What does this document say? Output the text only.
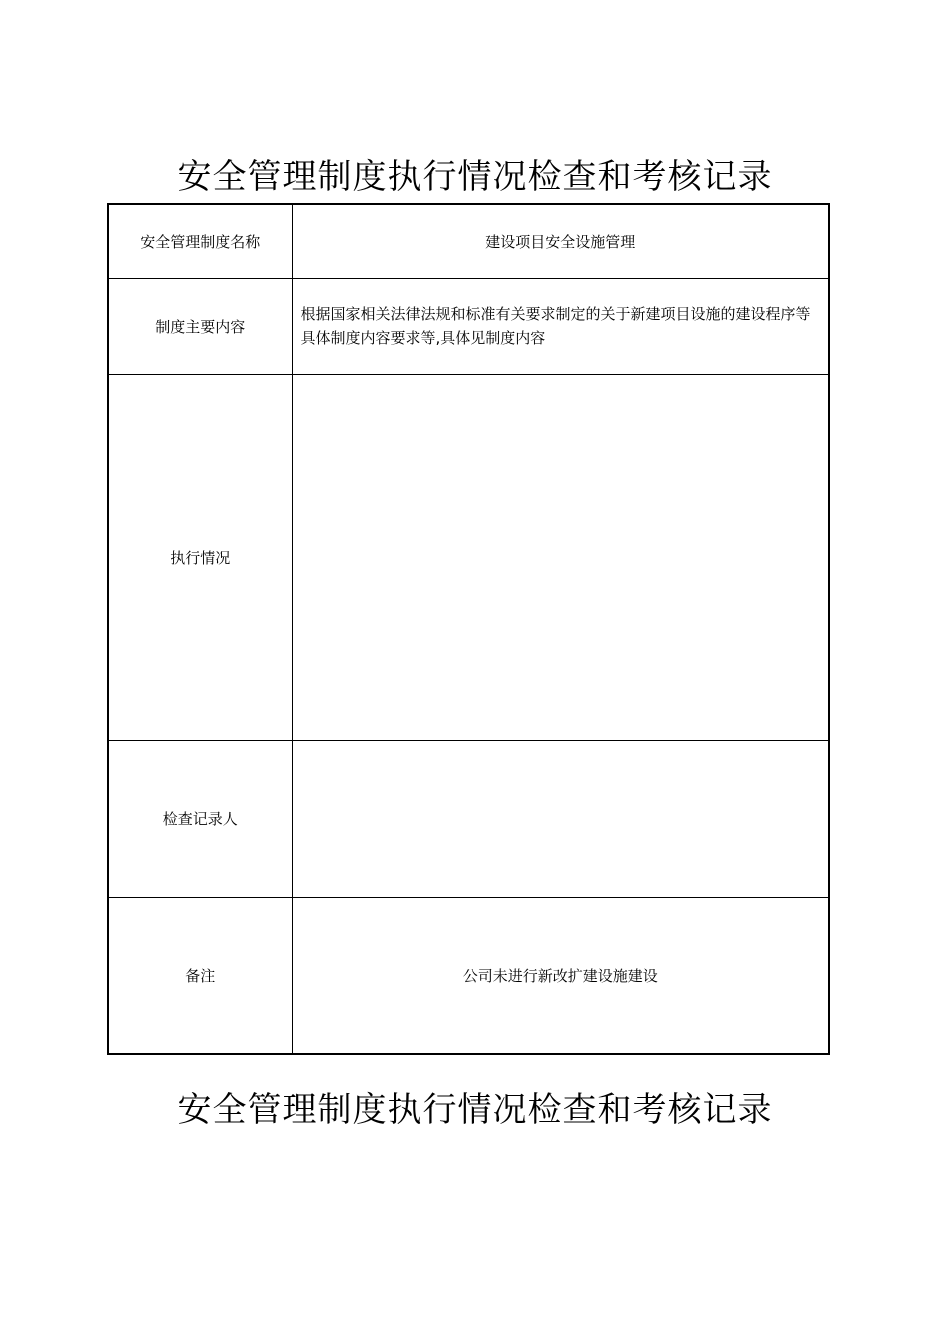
安全管理制度执行情况检查和考核记录
安全管理制度名称	建设项目安全设施管理
制度主要内容	根据国家相关法律法规和标准有关要求制定的关于新建项目设施的建设程序等具体制度内容要求等,具体见制度内容
执行情况	
检查记录人	
备注	公司未进行新改扩建设施建设
安全管理制度执行情况检查和考核记录
